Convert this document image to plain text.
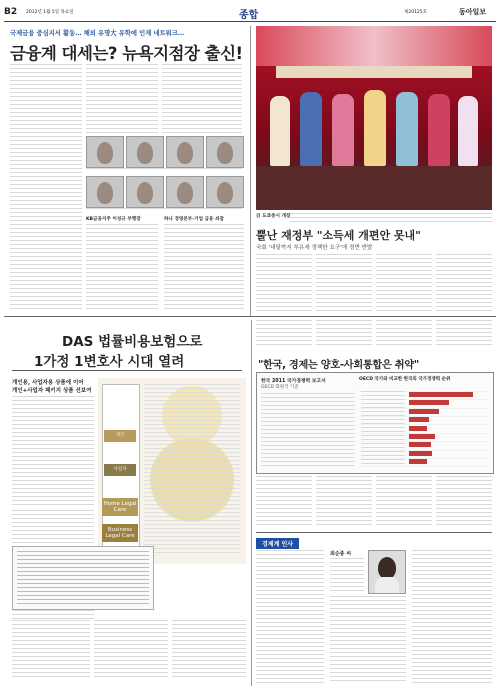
B2 2012년 1월 5일 목요일	종합	제20125호	동아일보
국제금융 중심지서 활동… 해외 유명大 유학에 인재 네트워크…
금융계 대세는? 뉴욕지점장 출신!
KB금융지주 이성규 부행장	하나 경영본부-기업 금융 쇠잡
日 도쿄증시 개장
뿔난 재정부 "소득세 개편안 못내"
국회 '내달까지 부유세 정책한 요구'에 정면 반발
DAS 법률비용보험으로
1가정 1변호사 시대 열려
개인용, 사업자용 상품에 이어
개인+사업자 패키지 상품 선보여
개인
사업자
Home Legal Care
Business Legal Care
"한국, 경제는 양호-사회통합은 취약"
한국 2011 국가경쟁력 보고서
OECD 회원국 기준
OECD 국가와 비교한 한국의 국가경쟁력 순위
경제계 인사
최순종 씨
